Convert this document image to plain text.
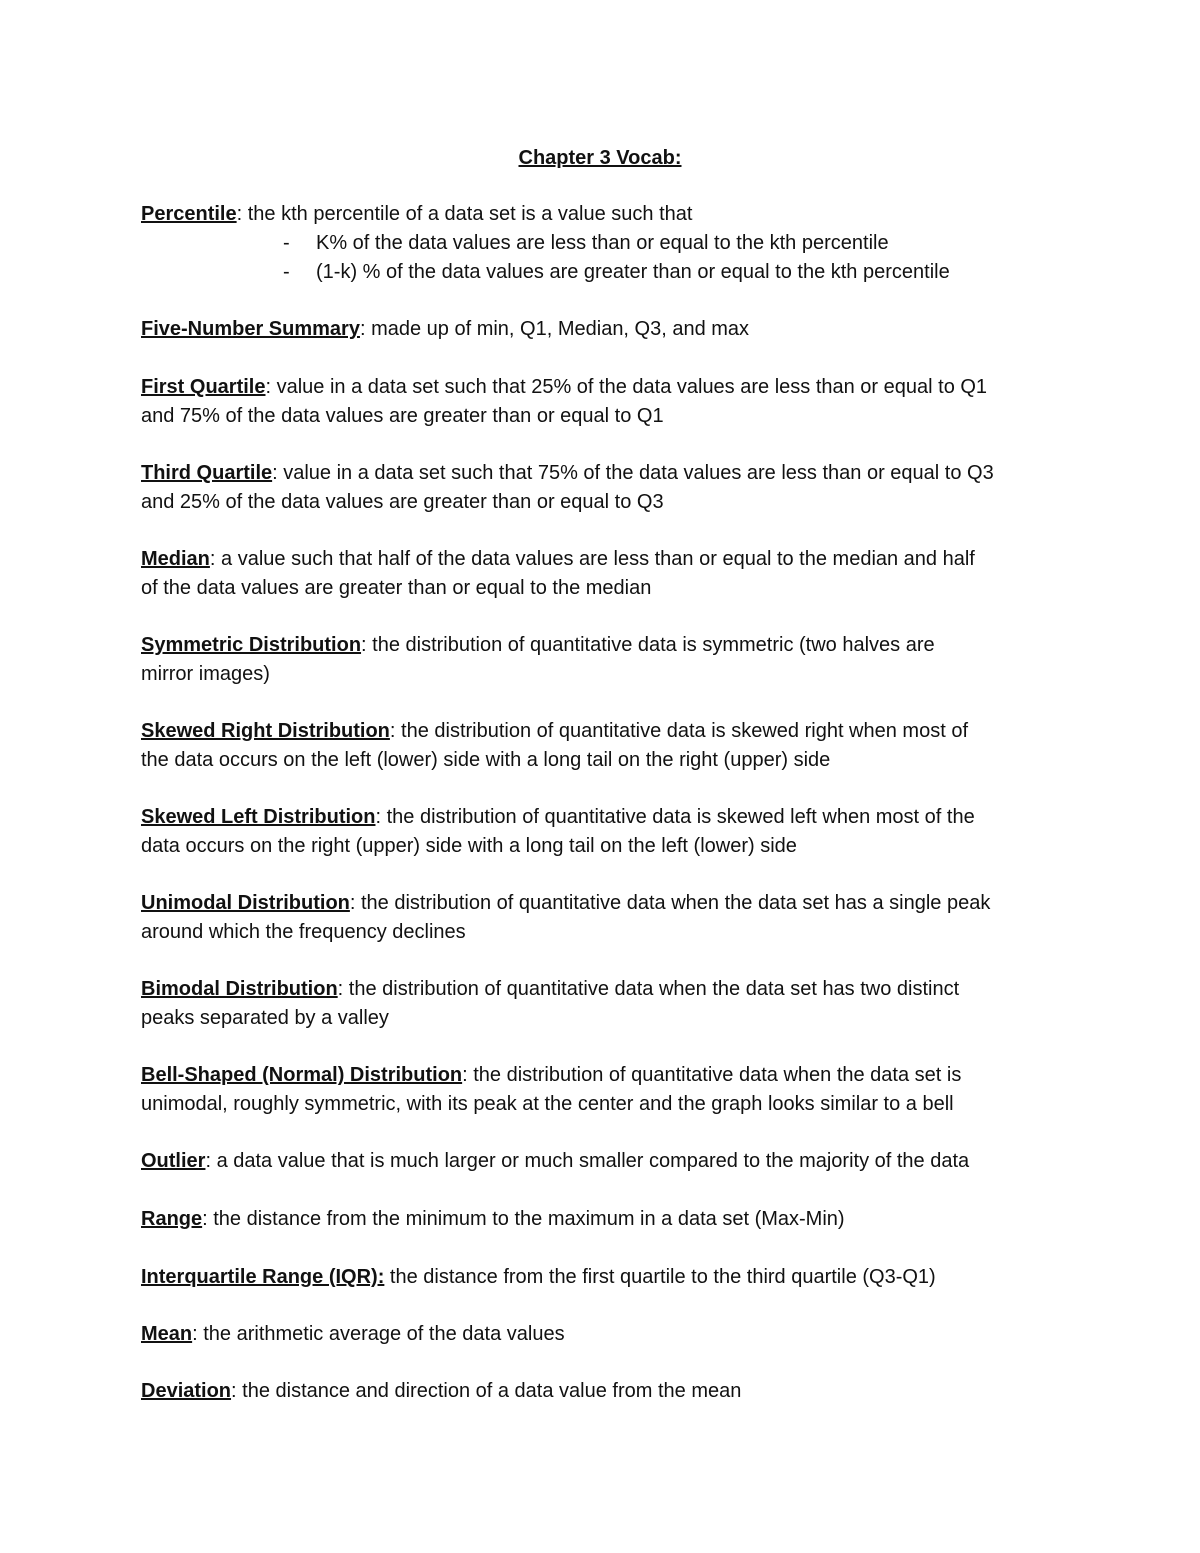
Chapter 3 Vocab:
Percentile: the kth percentile of a data set is a value such that
- K% of the data values are less than or equal to the kth percentile
- (1-k) % of the data values are greater than or equal to the kth percentile
Five-Number Summary: made up of min, Q1, Median, Q3, and max
First Quartile: value in a data set such that 25% of the data values are less than or equal to Q1
and 75% of the data values are greater than or equal to Q1
Third Quartile: value in a data set such that 75% of the data values are less than or equal to Q3
and 25% of the data values are greater than or equal to Q3
Median: a value such that half of the data values are less than or equal to the median and half
of the data values are greater than or equal to the median
Symmetric Distribution: the distribution of quantitative data is symmetric (two halves are
mirror images)
Skewed Right Distribution: the distribution of quantitative data is skewed right when most of
the data occurs on the left (lower) side with a long tail on the right (upper) side
Skewed Left Distribution: the distribution of quantitative data is skewed left when most of the
data occurs on the right (upper) side with a long tail on the left (lower) side
Unimodal Distribution: the distribution of quantitative data when the data set has a single peak
around which the frequency declines
Bimodal Distribution: the distribution of quantitative data when the data set has two distinct
peaks separated by a valley
Bell-Shaped (Normal) Distribution: the distribution of quantitative data when the data set is
unimodal, roughly symmetric, with its peak at the center and the graph looks similar to a bell
Outlier: a data value that is much larger or much smaller compared to the majority of the data
Range: the distance from the minimum to the maximum in a data set (Max-Min)
Interquartile Range (IQR): the distance from the first quartile to the third quartile (Q3-Q1)
Mean: the arithmetic average of the data values
Deviation: the distance and direction of a data value from the mean
